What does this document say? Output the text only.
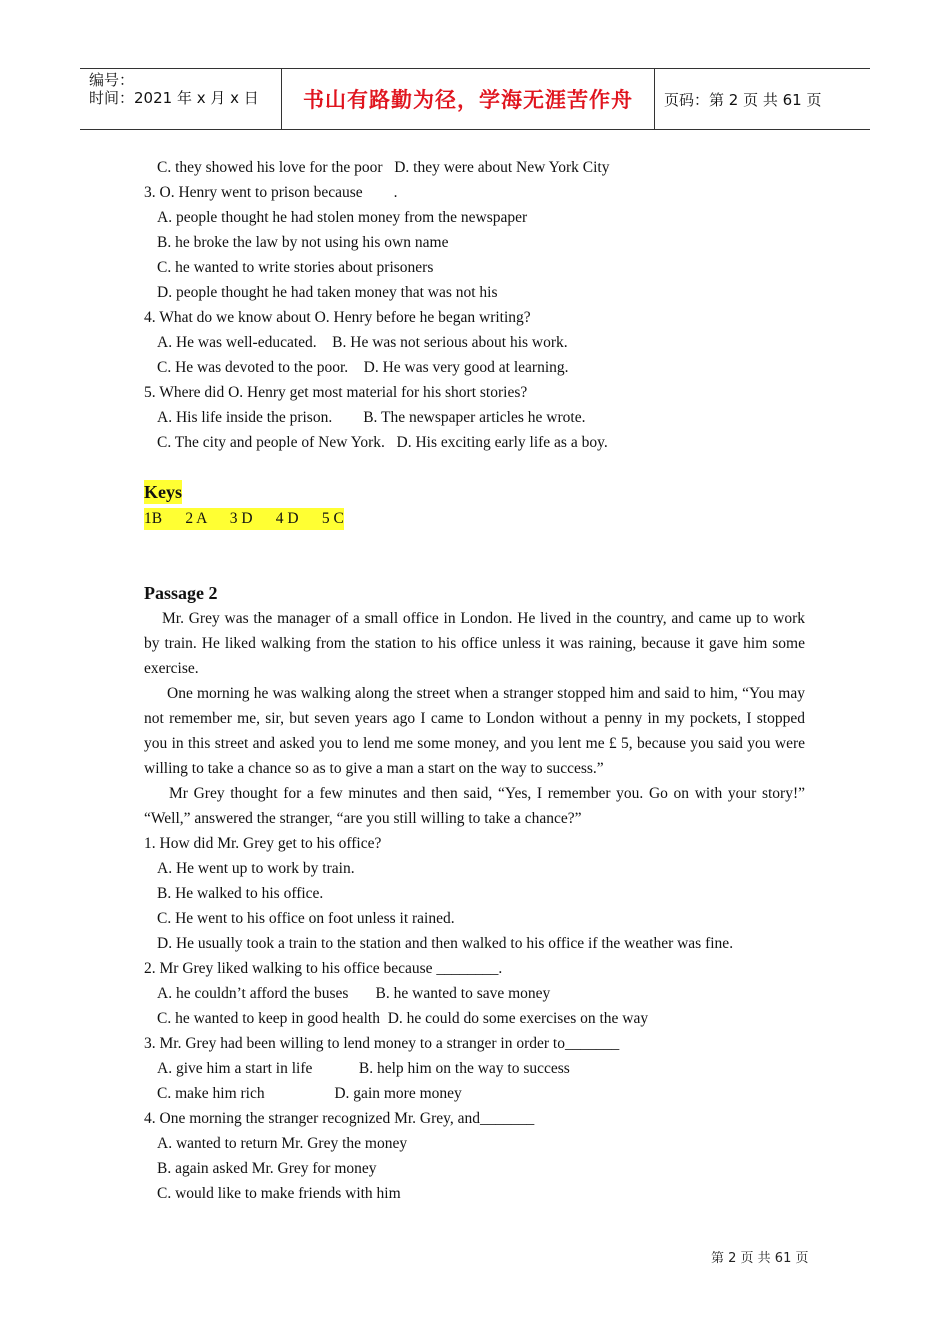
编号：
时间：2021 年 x 月 x 日	书山有路勤为径，学海无涯苦作舟	页码：第 2 页 共 61 页
C. they showed his love for the poor   D. they were about New York City
3. O. Henry went to prison because        .
A. people thought he had stolen money from the newspaper
B. he broke the law by not using his own name
C. he wanted to write stories about prisoners
D. people thought he had taken money that was not his
4. What do we know about O. Henry before he began writing?
A. He was well-educated.    B. He was not serious about his work.
C. He was devoted to the poor.    D. He was very good at learning.
5. Where did O. Henry get most material for his short stories?
A. His life inside the prison.        B. The newspaper articles he wrote.
C. The city and people of New York.   D. His exciting early life as a boy.
Keys
1B      2 A      3 D      4 D      5 C
Passage 2
Mr. Grey was the manager of a small office in London. He lived in the country, and came up to work by train. He liked walking from the station to his office unless it was raining, because it gave him some exercise.
One morning he was walking along the street when a stranger stopped him and said to him, “You may not remember me, sir, but seven years ago I came to London without a penny in my pockets, I stopped you in this street and asked you to lend me some money, and you lent me £ 5, because you said you were willing to take a chance so as to give a man a start on the way to success.”
Mr Grey thought for a few minutes and then said, “Yes, I remember you. Go on with your story!” “Well,” answered the stranger, “are you still willing to take a chance?”
1. How did Mr. Grey get to his office?
A. He went up to work by train.
B. He walked to his office.
C. He went to his office on foot unless it rained.
D. He usually took a train to the station and then walked to his office if the weather was fine.
2. Mr Grey liked walking to his office because ________.
A. he couldn’t afford the buses       B. he wanted to save money
C. he wanted to keep in good health  D. he could do some exercises on the way
3. Mr. Grey had been willing to lend money to a stranger in order to_______
A. give him a start in life            B. help him on the way to success
C. make him rich                  D. gain more money
4. One morning the stranger recognized Mr. Grey, and_______
A. wanted to return Mr. Grey the money
B. again asked Mr. Grey for money
C. would like to make friends with him
第 2 页 共 61 页
